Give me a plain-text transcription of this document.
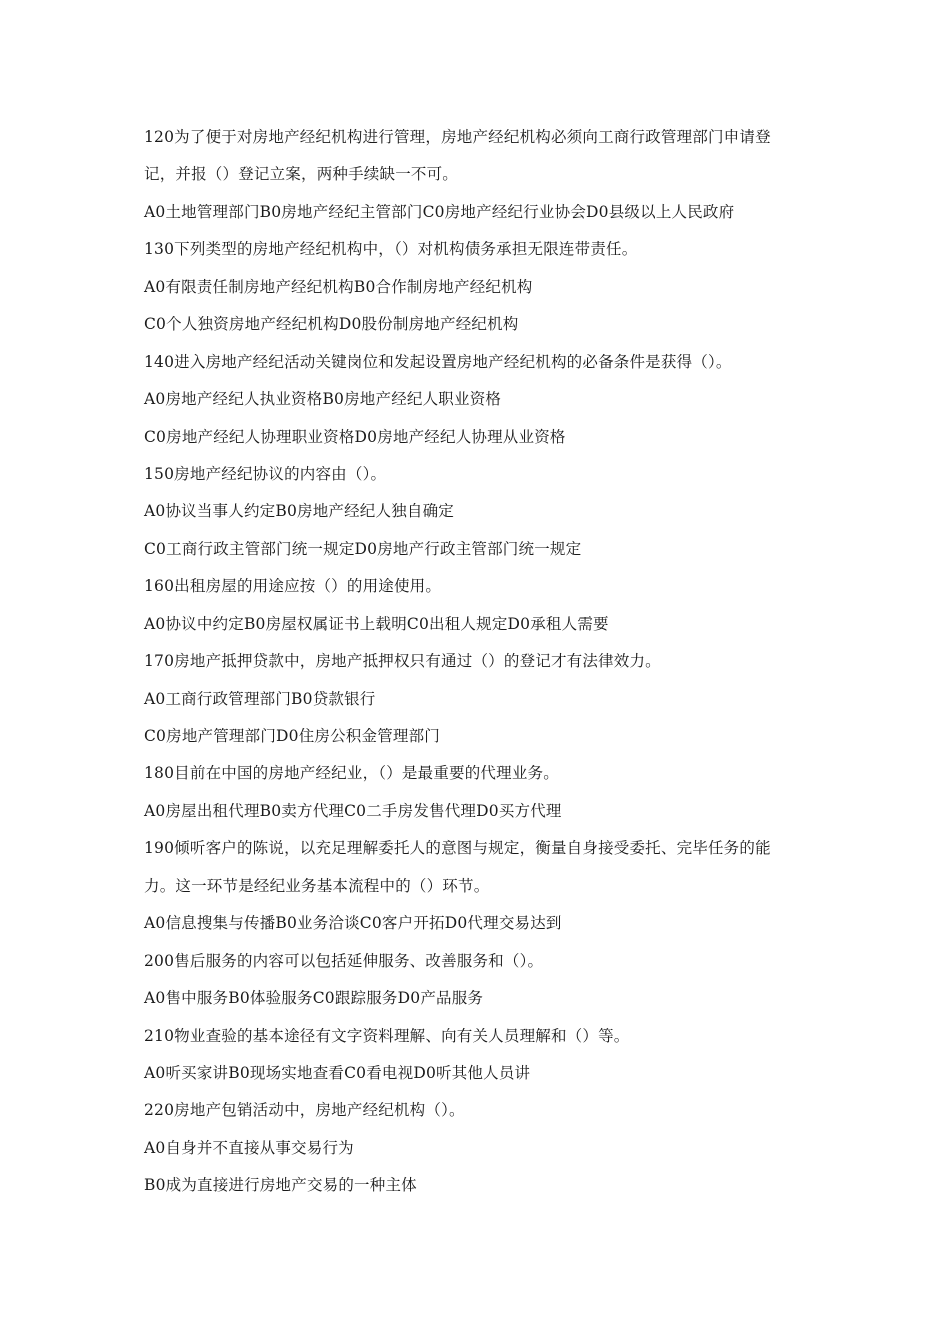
120为了便于对房地产经纪机构进行管理，房地产经纪机构必须向工商行政管理部门申请登
记，并报（）登记立案，两种手续缺一不可。
A0土地管理部门B0房地产经纪主管部门C0房地产经纪行业协会D0县级以上人民政府
130下列类型的房地产经纪机构中，（）对机构债务承担无限连带责任。
A0有限责任制房地产经纪机构B0合作制房地产经纪机构
C0个人独资房地产经纪机构D0股份制房地产经纪机构
140进入房地产经纪活动关键岗位和发起设置房地产经纪机构的必备条件是获得（）。
A0房地产经纪人执业资格B0房地产经纪人职业资格
C0房地产经纪人协理职业资格D0房地产经纪人协理从业资格
150房地产经纪协议的内容由（）。
A0协议当事人约定B0房地产经纪人独自确定
C0工商行政主管部门统一规定D0房地产行政主管部门统一规定
160出租房屋的用途应按（）的用途使用。
A0协议中约定B0房屋权属证书上载明C0出租人规定D0承租人需要
170房地产抵押贷款中，房地产抵押权只有通过（）的登记才有法律效力。
A0工商行政管理部门B0贷款银行
C0房地产管理部门D0住房公积金管理部门
180目前在中国的房地产经纪业，（）是最重要的代理业务。
A0房屋出租代理B0卖方代理C0二手房发售代理D0买方代理
190倾听客户的陈说，以充足理解委托人的意图与规定，衡量自身接受委托、完毕任务的能
力。这一环节是经纪业务基本流程中的（）环节。
A0信息搜集与传播B0业务洽谈C0客户开拓D0代理交易达到
200售后服务的内容可以包括延伸服务、改善服务和（）。
A0售中服务B0体验服务C0跟踪服务D0产品服务
210物业查验的基本途径有文字资料理解、向有关人员理解和（）等。
A0听买家讲B0现场实地查看C0看电视D0听其他人员讲
220房地产包销活动中，房地产经纪机构（）。
A0自身并不直接从事交易行为
B0成为直接进行房地产交易的一种主体
